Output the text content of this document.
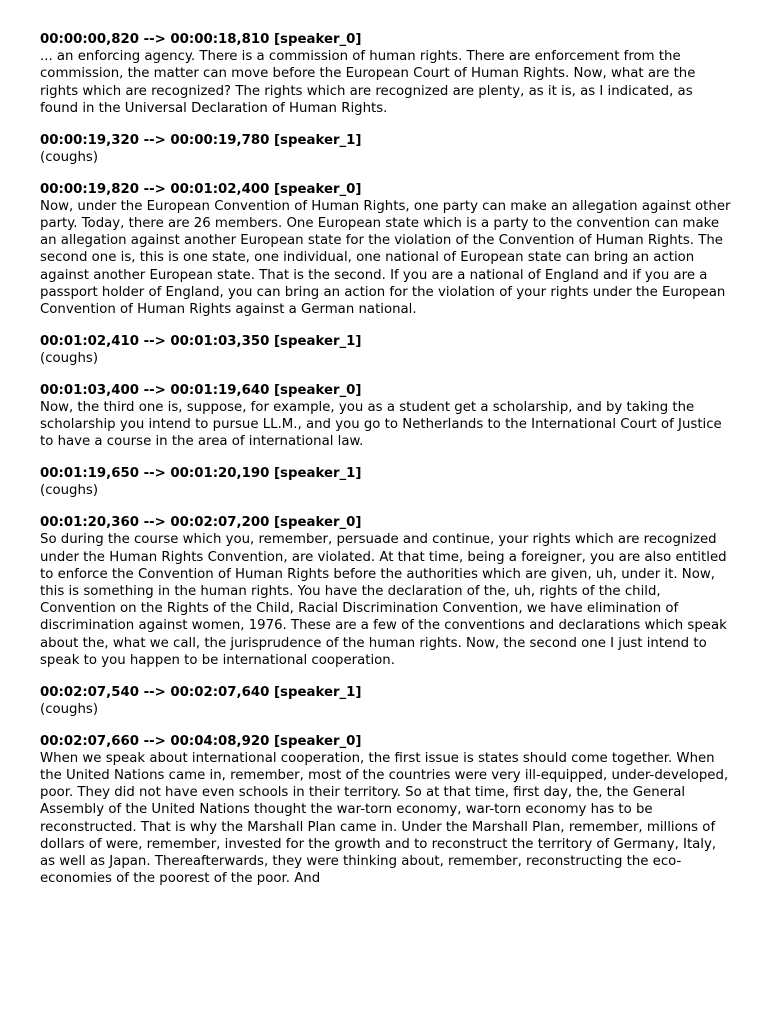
00:00:00,820 --> 00:00:18,810 [speaker_0]

... an enforcing agency. There is a commission of human rights. There are enforcement from the commission, the matter can move before the European Court of Human Rights. Now, what are the rights which are recognized? The rights which are recognized are plenty, as it is, as I indicated, as found in the Universal Declaration of Human Rights.

00:00:19,320 --> 00:00:19,780 [speaker_1]

(coughs)

00:00:19,820 --> 00:01:02,400 [speaker_0]

Now, under the European Convention of Human Rights, one party can make an allegation against other party. Today, there are 26 members. One European state which is a party to the convention can make an allegation against another European state for the violation of the Convention of Human Rights. The second one is, this is one state, one individual, one national of European state can bring an action against another European state. That is the second. If you are a national of England and if you are a passport holder of England, you can bring an action for the violation of your rights under the European Convention of Human Rights against a German national.

00:01:02,410 --> 00:01:03,350 [speaker_1]

(coughs)

00:01:03,400 --> 00:01:19,640 [speaker_0]

Now, the third one is, suppose, for example, you as a student get a scholarship, and by taking the scholarship you intend to pursue LL.M., and you go to Netherlands to the International Court of Justice to have a course in the area of international law.

00:01:19,650 --> 00:01:20,190 [speaker_1]

(coughs)

00:01:20,360 --> 00:02:07,200 [speaker_0]

So during the course which you, remember, persuade and continue, your rights which are recognized under the Human Rights Convention, are violated. At that time, being a foreigner, you are also entitled to enforce the Convention of Human Rights before the authorities which are given, uh, under it. Now, this is something in the human rights. You have the declaration of the, uh, rights of the child, Convention on the Rights of the Child, Racial Discrimination Convention, we have elimination of discrimination against women, 1976. These are a few of the conventions and declarations which speak about the, what we call, the jurisprudence of the human rights. Now, the second one I just intend to speak to you happen to be international cooperation.

00:02:07,540 --> 00:02:07,640 [speaker_1]

(coughs)

00:02:07,660 --> 00:04:08,920 [speaker_0]

When we speak about international cooperation, the first issue is states should come together. When the United Nations came in, remember, most of the countries were very ill-equipped, under-developed, poor. They did not have even schools in their territory. So at that time, first day, the, the General Assembly of the United Nations thought the war-torn economy, war-torn economy has to be reconstructed. That is why the Marshall Plan came in. Under the Marshall Plan, remember, millions of dollars of were, remember, invested for the growth and to reconstruct the territory of Germany, Italy, as well as Japan. Thereafterwards, they were thinking about, remember, reconstructing the eco- economies of the poorest of the poor. And
